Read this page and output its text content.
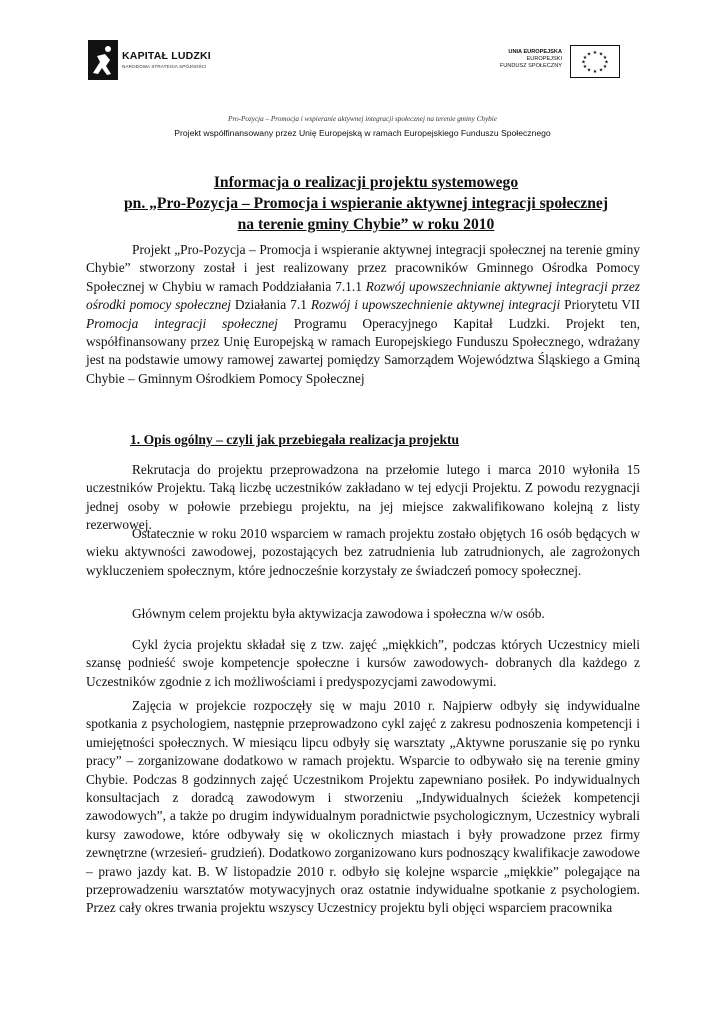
KAPITAŁ LUDZKI
NARODOWA STRATEGIA SPÓJNOŚCI
UNIA EUROPEJSKA
EUROPEJSKI
FUNDUSZ SPOŁECZNY
★ ★
★
★
★
★
★
★
★
★
★
★
Pro-Pozycja – Promocja i wspieranie aktywnej integracji społecznej na terenie gminy Chybie
Projekt współfinansowany przez Unię Europejską w ramach Europejskiego Funduszu Społecznego
Informacja o realizacji projektu systemowego
pn. „Pro-Pozycja – Promocja i wspieranie aktywnej integracji społecznej
na terenie gminy Chybie” w roku 2010

Projekt „Pro-Pozycja – Promocja i wspieranie aktywnej integracji społecznej na terenie gminy Chybie” stworzony został i jest realizowany przez pracowników Gminnego Ośrodka Pomocy Społecznej w Chybiu w ramach Poddziałania 7.1.1 Rozwój upowszechnianie aktywnej integracji przez ośrodki pomocy społecznej Działania 7.1 Rozwój i upowszechnienie aktywnej integracji Priorytetu VII Promocja integracji społecznej Programu Operacyjnego Kapitał Ludzki. Projekt ten, współfinansowany przez Unię Europejską w ramach Europejskiego Funduszu Społecznego, wdrażany jest na podstawie umowy ramowej zawartej pomiędzy Samorządem Województwa Śląskiego a Gminą Chybie – Gminnym Ośrodkiem Pomocy Społecznej

1. Opis ogólny – czyli jak przebiegała realizacja projektu

Rekrutacja do projektu przeprowadzona na przełomie lutego i marca 2010 wyłoniła 15 uczestników Projektu. Taką liczbę uczestników zakładano w tej edycji Projektu. Z powodu rezygnacji jednej osoby w połowie przebiegu projektu, na jej miejsce zakwalifikowano kolejną z listy rezerwowej.

Ostatecznie w roku 2010 wsparciem w ramach projektu zostało objętych 16 osób będących w wieku aktywności zawodowej, pozostających bez zatrudnienia lub zatrudnionych, ale zagrożonych wykluczeniem społecznym, które jednocześnie korzystały ze świadczeń pomocy społecznej.

Głównym celem projektu była aktywizacja zawodowa i społeczna w/w osób.

Cykl życia projektu składał się z tzw. zajęć „miękkich”, podczas których Uczestnicy mieli szansę podnieść swoje kompetencje społeczne i kursów zawodowych- dobranych dla każdego z Uczestników zgodnie z ich możliwościami i predyspozycjami zawodowymi.

Zajęcia w projekcie rozpoczęły się w maju 2010 r. Najpierw odbyły się indywidualne spotkania z psychologiem, następnie przeprowadzono cykl zajęć z zakresu podnoszenia kompetencji i umiejętności społecznych. W miesiącu lipcu odbyły się warsztaty „Aktywne poruszanie się po rynku pracy” – zorganizowane dodatkowo w ramach projektu. Wsparcie to odbywało się na terenie gminy Chybie. Podczas 8 godzinnych zajęć Uczestnikom Projektu zapewniano posiłek. Po indywidualnych konsultacjach z doradcą zawodowym i stworzeniu „Indywidualnych ścieżek kompetencji zawodowych”, a także po drugim indywidualnym poradnictwie psychologicznym, Uczestnicy wybrali kursy zawodowe, które odbywały się w okolicznych miastach i były prowadzone przez firmy zewnętrzne (wrzesień- grudzień). Dodatkowo zorganizowano kurs podnoszący kwalifikacje zawodowe – prawo jazdy kat. B. W listopadzie 2010 r. odbyło się kolejne wsparcie „miękkie” polegające na przeprowadzeniu warsztatów motywacyjnych oraz ostatnie indywidualne spotkanie z psychologiem. Przez cały okres trwania projektu wszyscy Uczestnicy projektu byli objęci wsparciem pracownika
